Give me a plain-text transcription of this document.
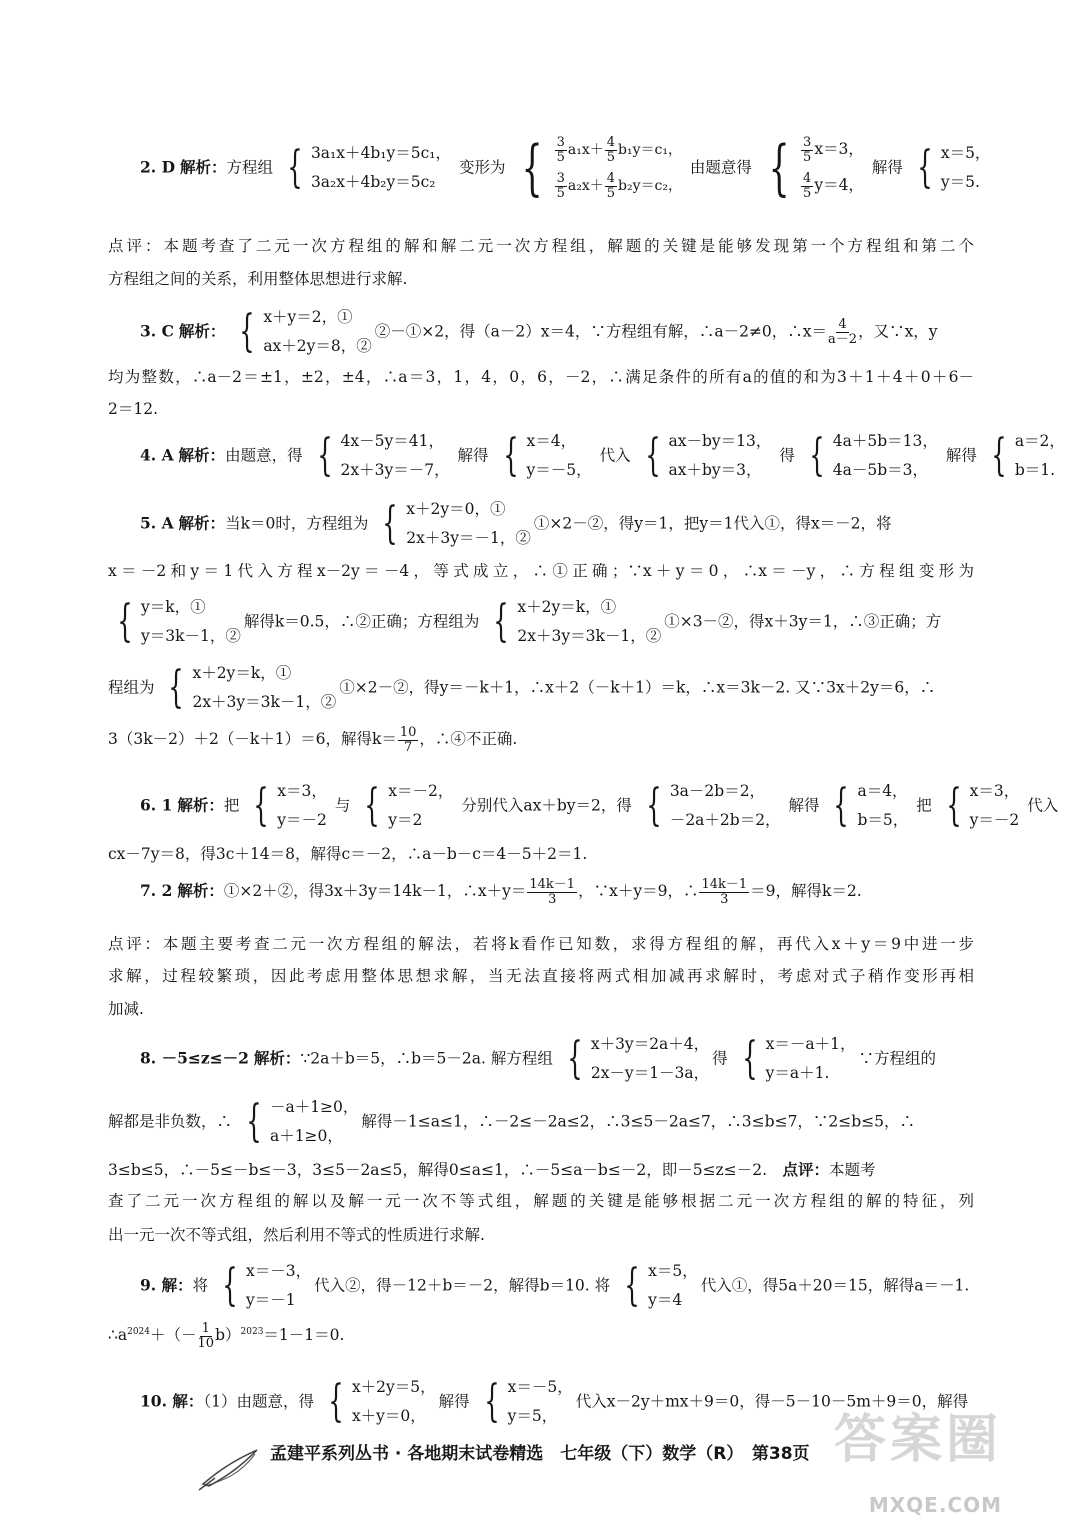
2. D 解析：方程组 { 3a₁x＋4b₁y＝5c₁，
3a₂x＋4b₂y＝5c₂
变形为 { $\frac{3}{5} a_1x+ \frac{4}{5} b_1y=c_1$，
$\frac{3}{5} a_2x+ \frac{4}{5} b_2y=c_2$，
由题意得 { $\frac{3}{5} x=3$，
$\frac{4}{5} y=4$，
解得 { x＝5，
y＝5.
点评：本题考查了二元一次方程组的解和解二元一次方程组，解题的关键是能够发现第一个方程组和第二个
方程组之间的关系，利用整体思想进行求解.
3. C 解析： { x＋y＝2，①
ax＋2y＝8，②
②－①×2，得（a－2）x＝4，∵方程组有解，∴a－2≠0，∴x＝ $\frac{4}{a-2}$ ，又∵x，y
均为整数，∴a－2＝±1，±2，±4，∴a＝3，1，4，0，6，－2，∴满足条件的所有a的值的和为3＋1＋4＋0＋6－
2＝12.
4. A 解析：由题意，得 { 4x－5y＝41，
2x＋3y＝－7，
解得 { x＝4，
y＝－5，
代入 { ax－by＝13，
ax＋by＝3，
得 { 4a＋5b＝13，
4a－5b＝3，
解得 { a＝2，
b＝1.
5. A 解析：当k＝0时，方程组为 { x＋2y＝0，①
2x＋3y＝－1，②
①×2－②，得y＝1，把y＝1代入①，得x＝－2，将
x＝－2和y＝1代入方程x－2y＝－4，等式成立，∴①正确；∵x＋y＝0，∴x＝－y，∴方程组变形为
{ y＝k，①
y＝3k－1，②
解得k＝0.5，∴②正确；方程组为 { x＋2y＝k，①
2x＋3y＝3k－1，②
①×3－②，得x＋3y＝1，∴③正确；方
程组为 { x＋2y＝k，①
2x＋3y＝3k－1，②
①×2－②，得y＝－k＋1，∴x＋2（－k＋1）＝k，∴x＝3k－2. 又∵3x＋2y＝6，∴
3（3k－2）＋2（－k＋1）＝6，解得$k= \frac{10}{7}$ ，∴④不正确.
6. 1 解析：把 { x＝3，
y＝－2
与 { x＝－2，
y＝2
分别代入ax＋by＝2，得 { 3a－2b＝2，
－2a＋2b＝2，
解得 { a＝4，
b＝5，
把 { x＝3，
y＝－2
代入
cx－7y＝8，得3c＋14＝8，解得c＝－2，∴a－b－c＝4－5＋2＝1.
7. 2 解析：①×2＋②，得3x＋3y＝14k－1，∴x＋y＝ $\frac{14k-1}{3}$ ，∵x＋y＝9，∴ $\frac{14k-1}{3} =9$，解得k＝2.
点评：本题主要考查二元一次方程组的解法，若将k看作已知数，求得方程组的解，再代入x＋y＝9中进一步
求解，过程较繁琐，因此考虑用整体思想求解，当无法直接将两式相加减再求解时，考虑对式子稍作变形再相
加减.
8. －5≤z≤－2 解析：∵2a＋b＝5，∴b＝5－2a. 解方程组 { x＋3y＝2a＋4，
2x－y＝1－3a，
得 { x＝－a＋1，
y＝a＋1.
∵方程组的
解都是非负数，∴ { －a＋1≥0，
a＋1≥0，
解得－1≤a≤1，∴－2≤－2a≤2，∴3≤5－2a≤7，∴3≤b≤7，∵2≤b≤5，∴
3≤b≤5，∴－5≤－b≤－3，3≤5－2a≤5，解得0≤a≤1，∴－5≤a－b≤－2，即－5≤z≤－2.　 点评：本题考
查了二元一次方程组的解以及解一元一次不等式组，解题的关键是能够根据二元一次方程组的解的特征，列
出一元一次不等式组，然后利用不等式的性质进行求解.
9. 解：将 { x＝－3，
y＝－1
代入②，得－12＋b＝－2，解得b＝10. 将 { x＝5，
y＝4
代入①，得5a＋20＝15，解得a＝－1.
$\therefore a^{2024}+(- \frac{1}{10} b)^{2023}=1-1=0$.
10. 解：（1）由题意，得 { x＋2y＝5，
x＋y＝0，
解得 { x＝－5，
y＝5，
代入x－2y＋mx＋9＝0，得－5－10－5m＋9＝0，解得
孟建平系列丛书 · 各地期末试卷精选　七年级（下）数学（R）　第38页 答案圈
MXQE.COM
